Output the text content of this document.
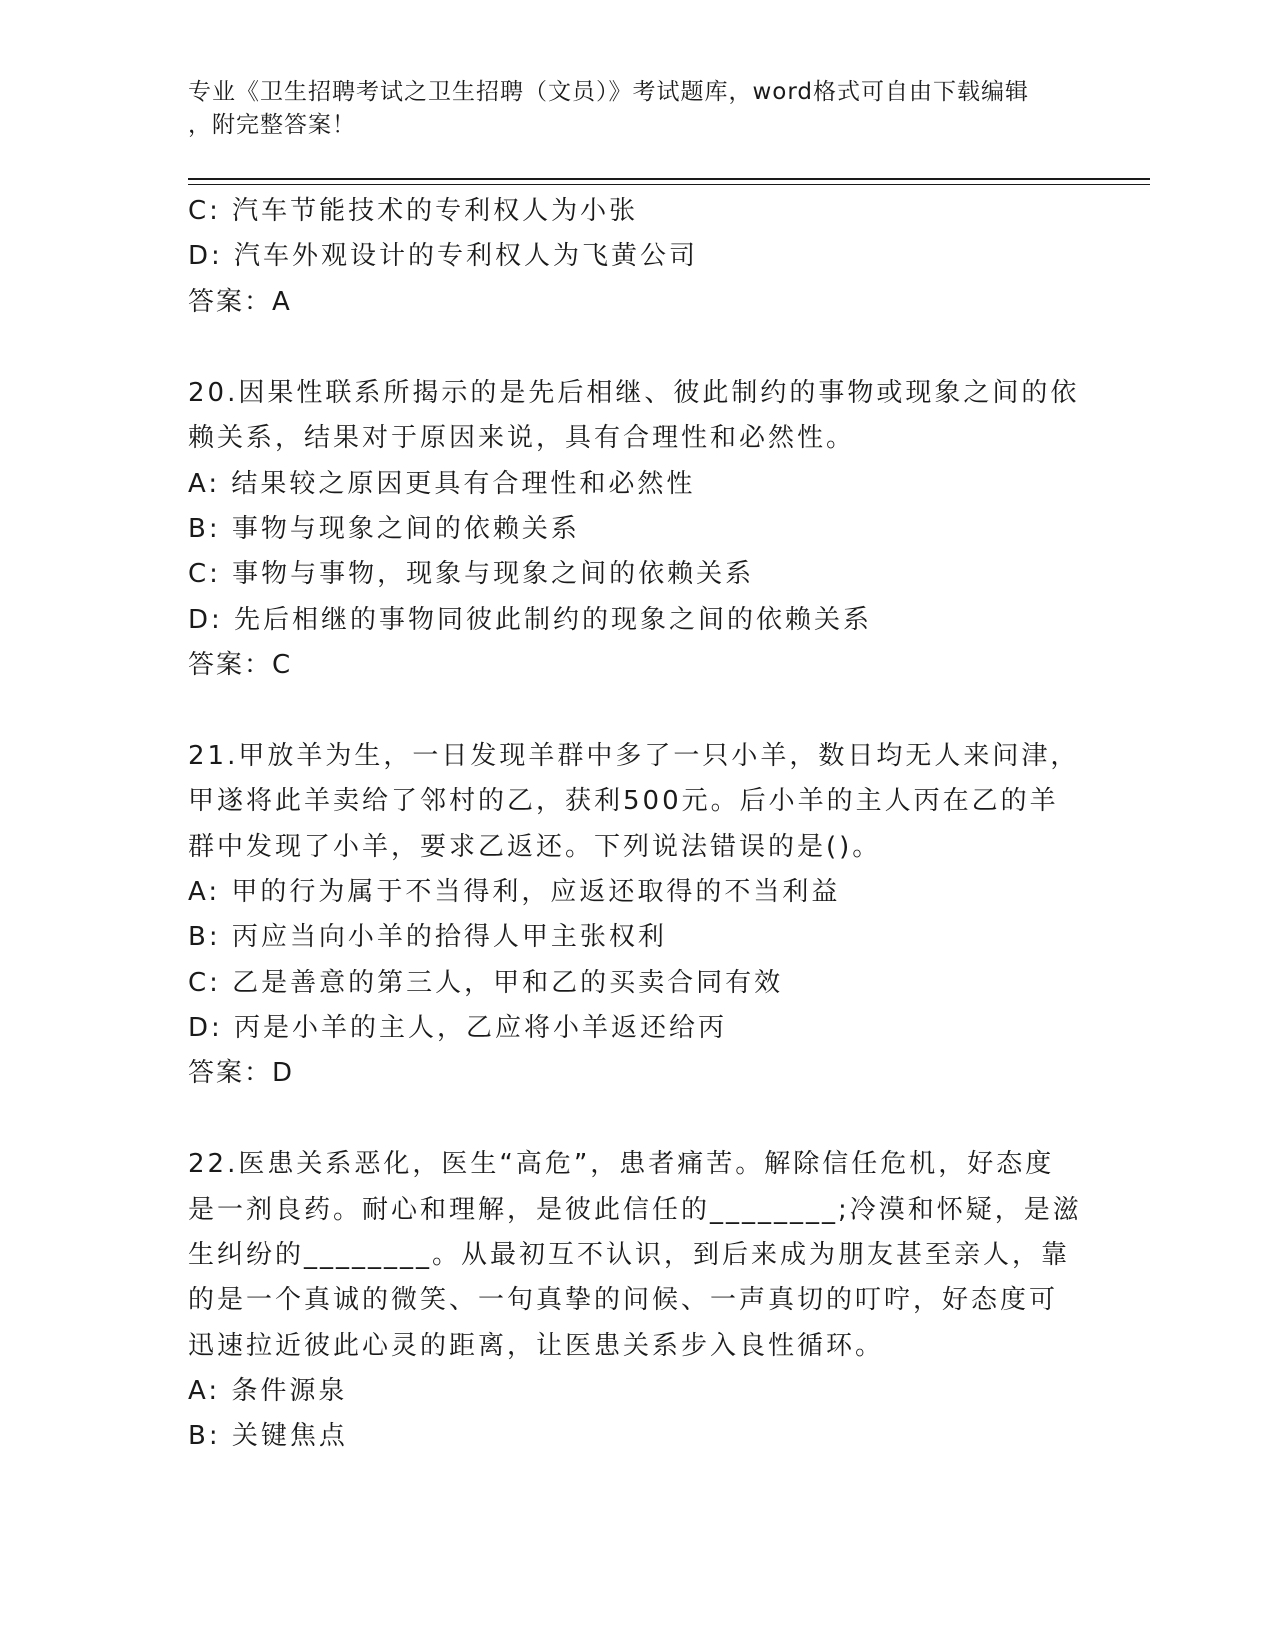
专业《卫生招聘考试之卫生招聘（文员）》考试题库，word格式可自由下载编辑
，附完整答案！
C: 汽车节能技术的专利权人为小张
D: 汽车外观设计的专利权人为飞黄公司
答案：A
20.因果性联系所揭示的是先后相继、彼此制约的事物或现象之间的依
赖关系，结果对于原因来说，具有合理性和必然性。
A: 结果较之原因更具有合理性和必然性
B: 事物与现象之间的依赖关系
C: 事物与事物，现象与现象之间的依赖关系
D: 先后相继的事物同彼此制约的现象之间的依赖关系
答案：C
21.甲放羊为生，一日发现羊群中多了一只小羊，数日均无人来问津，
甲遂将此羊卖给了邻村的乙，获利500元。后小羊的主人丙在乙的羊
群中发现了小羊，要求乙返还。下列说法错误的是()。
A: 甲的行为属于不当得利，应返还取得的不当利益
B: 丙应当向小羊的拾得人甲主张权利
C: 乙是善意的第三人，甲和乙的买卖合同有效
D: 丙是小羊的主人，乙应将小羊返还给丙
答案：D
22.医患关系恶化，医生“高危”，患者痛苦。解除信任危机，好态度
是一剂良药。耐心和理解，是彼此信任的________;冷漠和怀疑，是滋
生纠纷的________。从最初互不认识，到后来成为朋友甚至亲人，靠
的是一个真诚的微笑、一句真挚的问候、一声真切的叮咛，好态度可
迅速拉近彼此心灵的距离，让医患关系步入良性循环。
A: 条件源泉
B: 关键焦点
